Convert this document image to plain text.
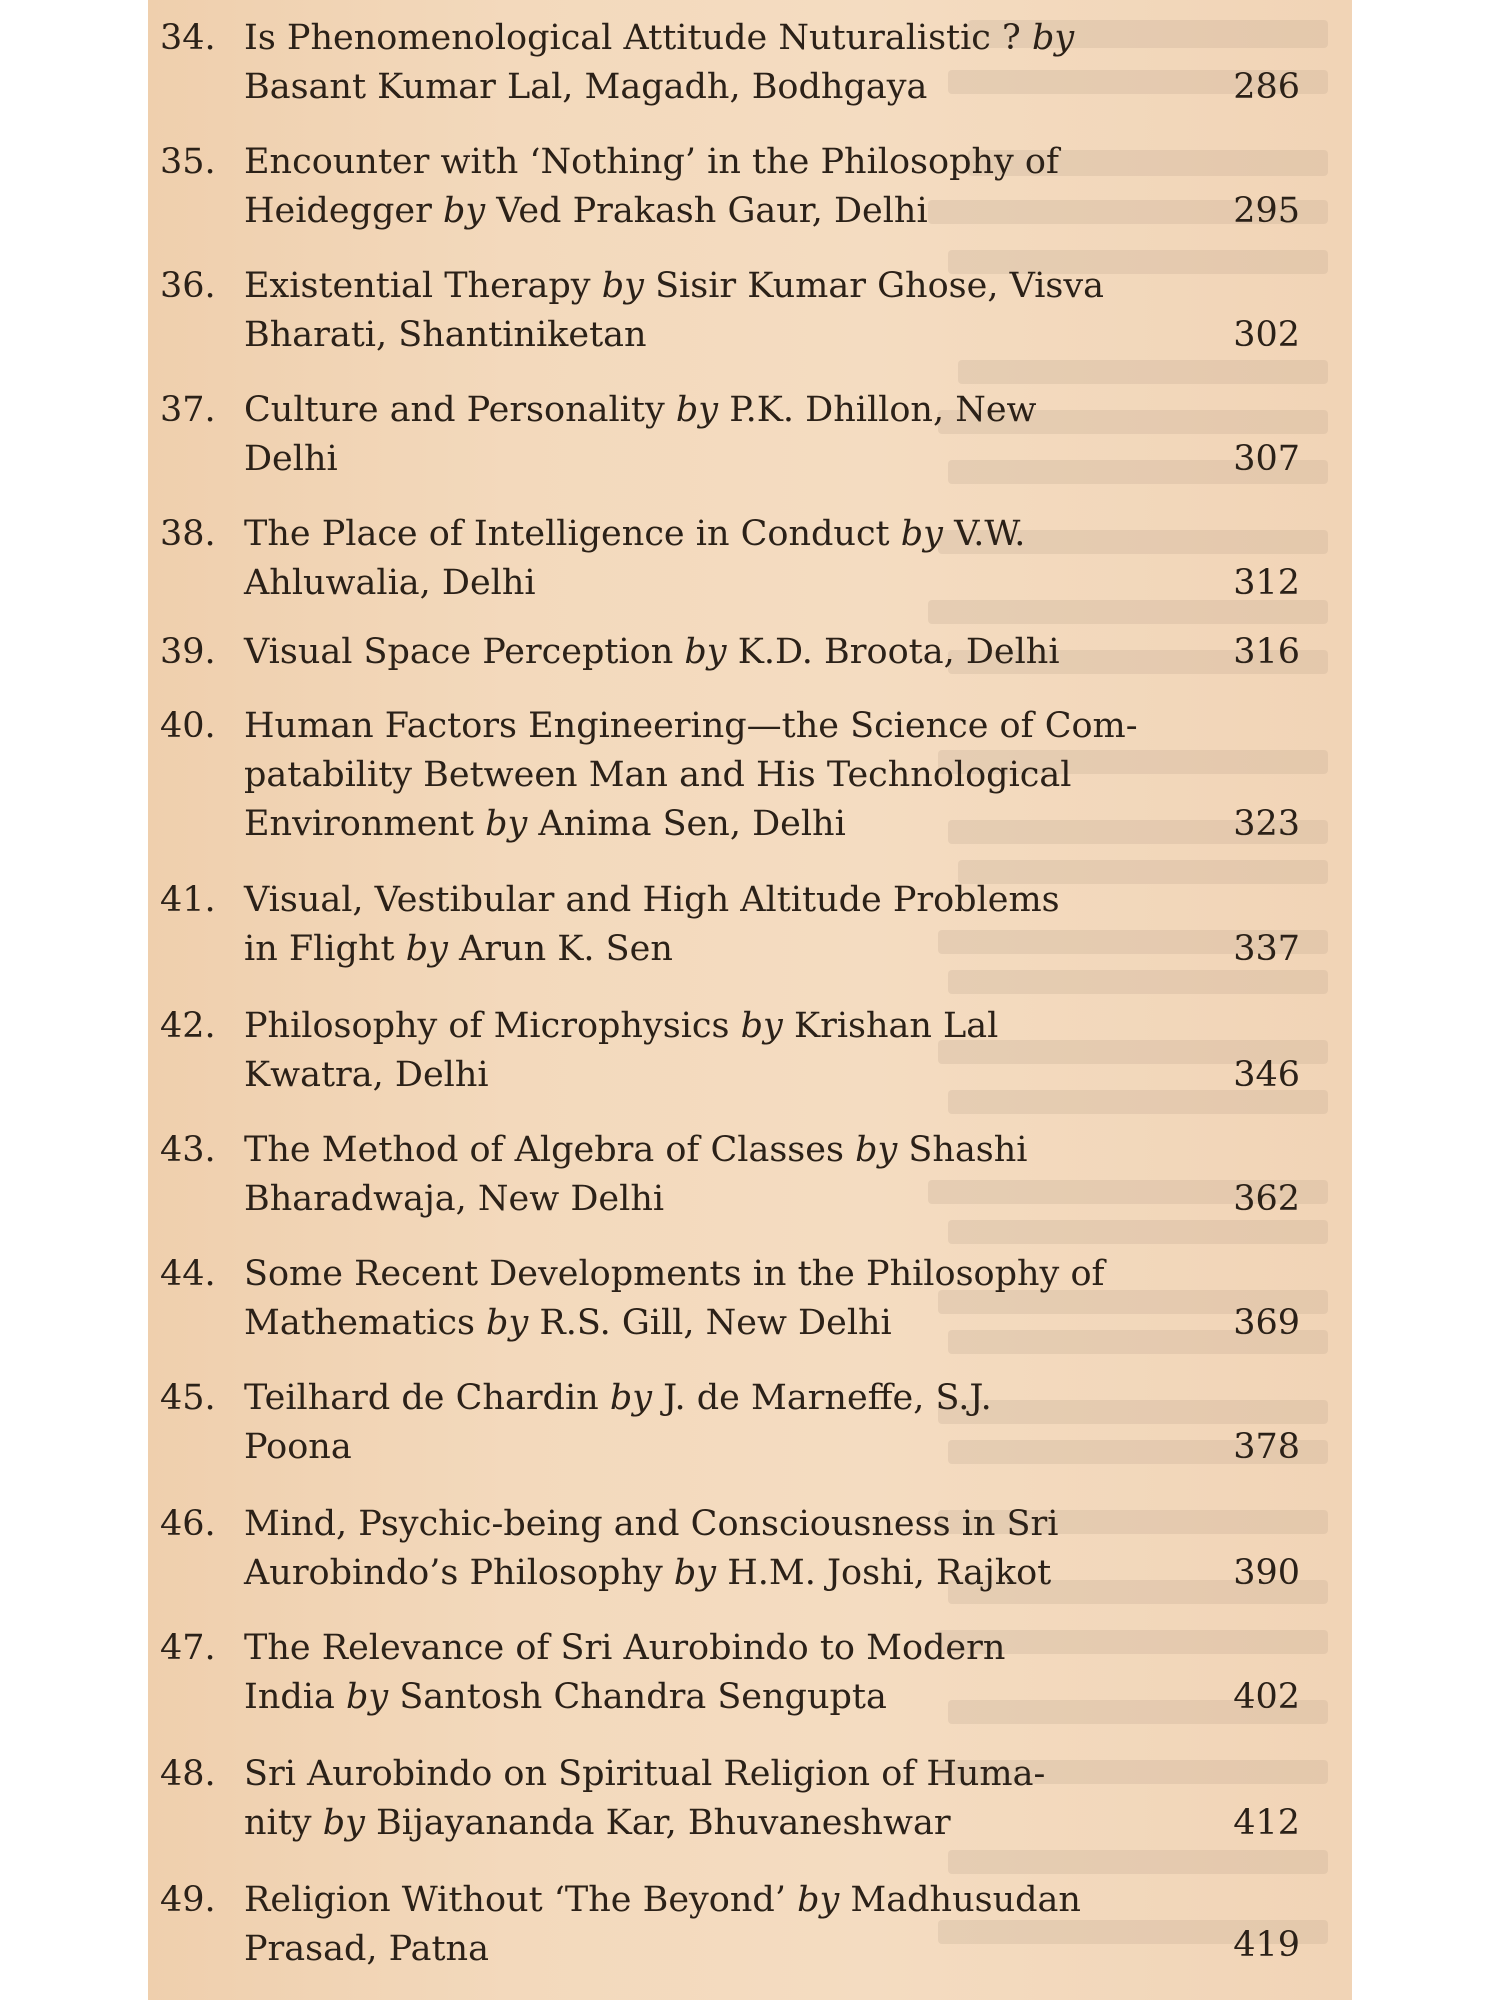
34. Is Phenomenological Attitude Nuturalistic ? by
Basant Kumar Lal, Magadh, Bodhgaya	286
35. Encounter with ‘Nothing’ in the Philosophy of
Heidegger by Ved Prakash Gaur, Delhi	295
36. Existential Therapy by Sisir Kumar Ghose, Visva
Bharati, Shantiniketan	302
37. Culture and Personality by P.K. Dhillon, New
Delhi	307
38. The Place of Intelligence in Conduct by V.W.
Ahluwalia, Delhi	312
39. Visual Space Perception by K.D. Broota, Delhi	316
40. Human Factors Engineering—the Science of Com-
patability Between Man and His Technological
Environment by Anima Sen, Delhi	323
41. Visual, Vestibular and High Altitude Problems
in Flight by Arun K. Sen	337
42. Philosophy of Microphysics by Krishan Lal
Kwatra, Delhi	346
43. The Method of Algebra of Classes by Shashi
Bharadwaja, New Delhi	362
44. Some Recent Developments in the Philosophy of
Mathematics by R.S. Gill, New Delhi	369
45. Teilhard de Chardin by J. de Marneffe, S.J.
Poona	378
46. Mind, Psychic-being and Consciousness in Sri
Aurobindo’s Philosophy by H.M. Joshi, Rajkot	390
47. The Relevance of Sri Aurobindo to Modern
India by Santosh Chandra Sengupta	402
48. Sri Aurobindo on Spiritual Religion of Huma-
nity by Bijayananda Kar, Bhuvaneshwar	412
49. Religion Without ‘The Beyond’ by Madhusudan
Prasad, Patna	419
